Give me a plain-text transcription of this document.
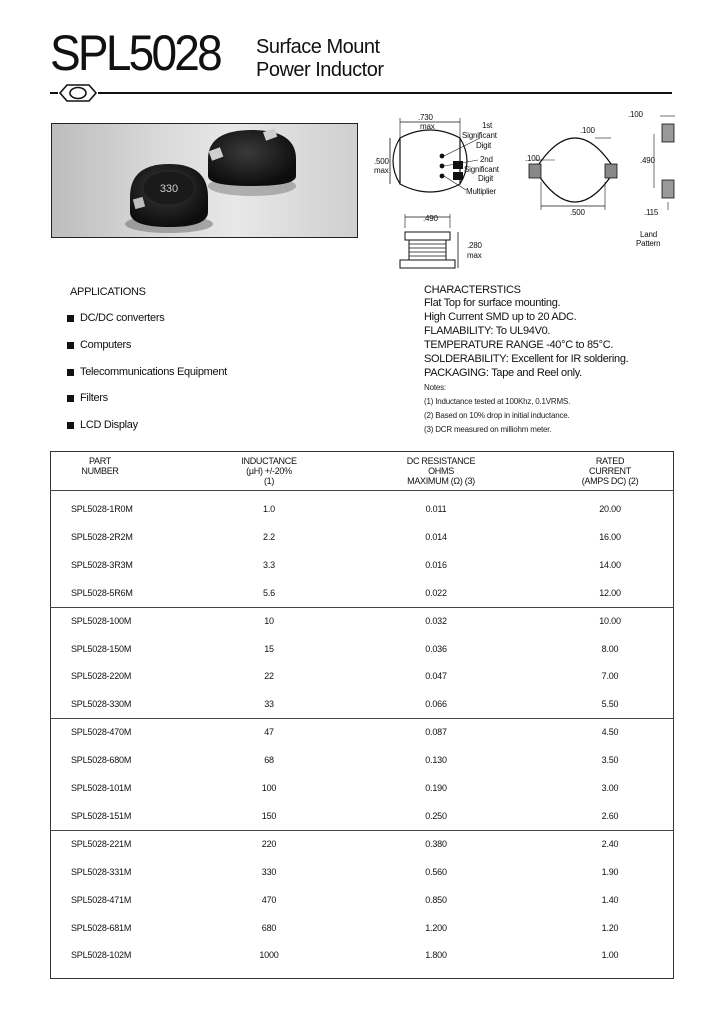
SPL5028 Surface Mount
Power Inductor
330
.730
max
.500
max
1st
Significant
Digit
2nd
Significant
Digit
Multiplier
.490
.280
max
.100
.100
.500
.100
.490
.115
Land
Pattern
APPLICATIONS
DC/DC converters
Computers
Telecommunications Equipment
Filters
LCD Display
CHARACTERSTICS
Flat Top for surface mounting.
High Current SMD up to 20 ADC.
FLAMABILITY: To UL94V0.
TEMPERATURE RANGE -40°C to 85°C.
SOLDERABILITY: Excellent for IR soldering.
PACKAGING: Tape and Reel only.
Notes:
(1) Inductance tested at 100Khz, 0.1VRMS.
(2) Based on 10% drop in initial inductance.
(3) DCR measured on milliohm meter.
PART
NUMBER
INDUCTANCE
(µH) +/-20%
(1)
DC RESISTANCE
OHMS
MAXIMUM (Ω) (3)
RATED
CURRENT
(AMPS DC) (2)
SPL5028-1R0M	1.0	0.011	20.00
SPL5028-2R2M	2.2	0.014	16.00
SPL5028-3R3M	3.3	0.016	14.00
SPL5028-5R6M	5.6	0.022	12.00
SPL5028-100M	10	0.032	10.00
SPL5028-150M	15	0.036	8.00
SPL5028-220M	22	0.047	7.00
SPL5028-330M	33	0.066	5.50
SPL5028-470M	47	0.087	4.50
SPL5028-680M	68	0.130	3.50
SPL5028-101M	100	0.190	3.00
SPL5028-151M	150	0.250	2.60
SPL5028-221M	220	0.380	2.40
SPL5028-331M	330	0.560	1.90
SPL5028-471M	470	0.850	1.40
SPL5028-681M	680	1.200	1.20
SPL5028-102M	1000	1.800	1.00
